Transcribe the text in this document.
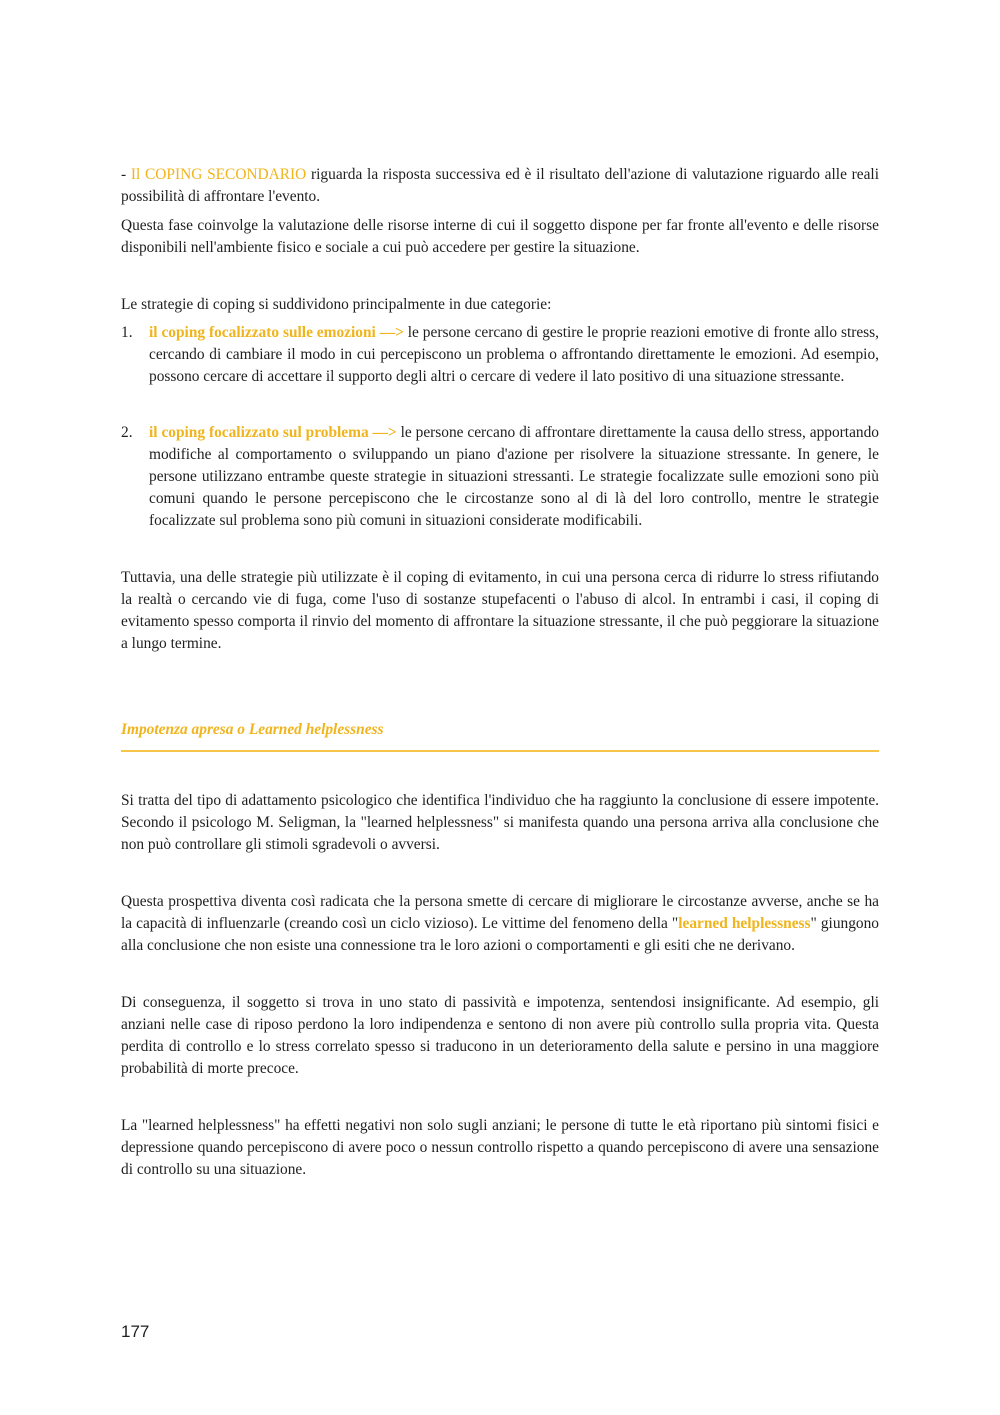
- Il COPING SECONDARIO riguarda la risposta successiva ed è il risultato dell'azione di valutazione riguardo alle reali possibilità di affrontare l'evento.

Questa fase coinvolge la valutazione delle risorse interne di cui il soggetto dispone per far fronte all'evento e delle risorse disponibili nell'ambiente fisico e sociale a cui può accedere per gestire la situazione.

Le strategie di coping si suddividono principalmente in due categorie:

1. il coping focalizzato sulle emozioni —> le persone cercano di gestire le proprie reazioni emotive di fronte allo stress, cercando di cambiare il modo in cui percepiscono un problema o affrontando direttamente le emozioni. Ad esempio, possono cercare di accettare il supporto degli altri o cercare di vedere il lato positivo di una situazione stressante.

2. il coping focalizzato sul problema —> le persone cercano di affrontare direttamente la causa dello stress, apportando modifiche al comportamento o sviluppando un piano d'azione per risolvere la situazione stressante. In genere, le persone utilizzano entrambe queste strategie in situazioni stressanti. Le strategie focalizzate sulle emozioni sono più comuni quando le persone percepiscono che le circostanze sono al di là del loro controllo, mentre le strategie focalizzate sul problema sono più comuni in situazioni considerate modificabili.

Tuttavia, una delle strategie più utilizzate è il coping di evitamento, in cui una persona cerca di ridurre lo stress rifiutando la realtà o cercando vie di fuga, come l'uso di sostanze stupefacenti o l'abuso di alcol. In entrambi i casi, il coping di evitamento spesso comporta il rinvio del momento di affrontare la situazione stressante, il che può peggiorare la situazione a lungo termine.

Impotenza apresa o Learned helplessness

Si tratta del tipo di adattamento psicologico che identifica l'individuo che ha raggiunto la conclusione di essere impotente. Secondo il psicologo M. Seligman, la "learned helplessness" si manifesta quando una persona arriva alla conclusione che non può controllare gli stimoli sgradevoli o avversi.

Questa prospettiva diventa così radicata che la persona smette di cercare di migliorare le circostanze avverse, anche se ha la capacità di influenzarle (creando così un ciclo vizioso). Le vittime del fenomeno della "learned helplessness" giungono alla conclusione che non esiste una connessione tra le loro azioni o comportamenti e gli esiti che ne derivano.

Di conseguenza, il soggetto si trova in uno stato di passività e impotenza, sentendosi insignificante. Ad esempio, gli anziani nelle case di riposo perdono la loro indipendenza e sentono di non avere più controllo sulla propria vita. Questa perdita di controllo e lo stress correlato spesso si traducono in un deterioramento della salute e persino in una maggiore probabilità di morte precoce.

La "learned helplessness" ha effetti negativi non solo sugli anziani; le persone di tutte le età riportano più sintomi fisici e depressione quando percepiscono di avere poco o nessun controllo rispetto a quando percepiscono di avere una sensazione di controllo su una situazione.

177
